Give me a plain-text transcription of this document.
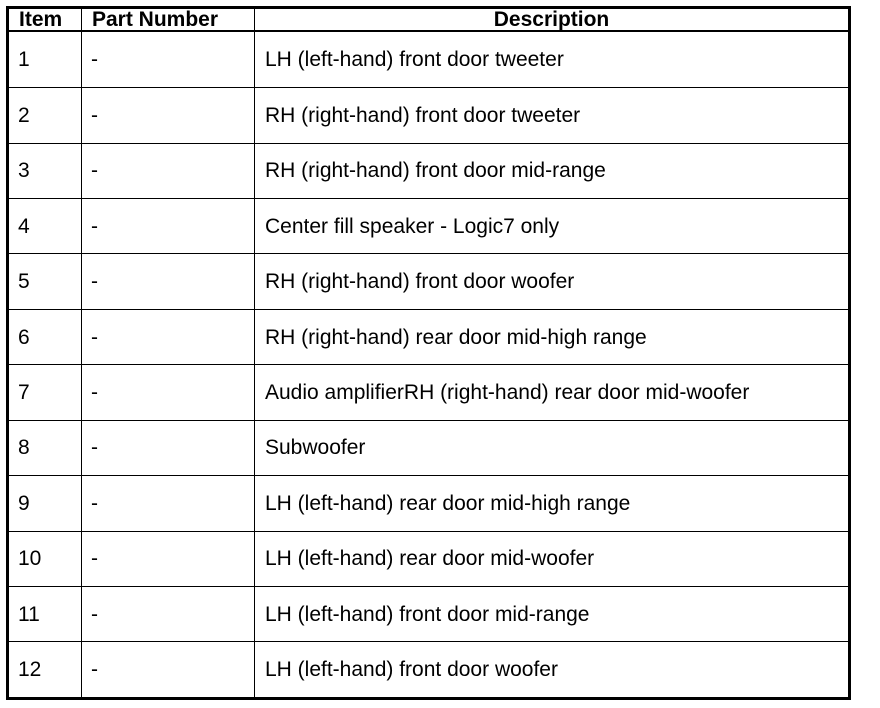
Item	Part Number	Description
1	-	LH (left-hand) front door tweeter
2	-	RH (right-hand) front door tweeter
3	-	RH (right-hand) front door mid-range
4	-	Center fill speaker - Logic7 only
5	-	RH (right-hand) front door woofer
6	-	RH (right-hand) rear door mid-high range
7	-	Audio amplifierRH (right-hand) rear door mid-woofer
8	-	Subwoofer
9	-	LH (left-hand) rear door mid-high range
10	-	LH (left-hand) rear door mid-woofer
11	-	LH (left-hand) front door mid-range
12	-	LH (left-hand) front door woofer
